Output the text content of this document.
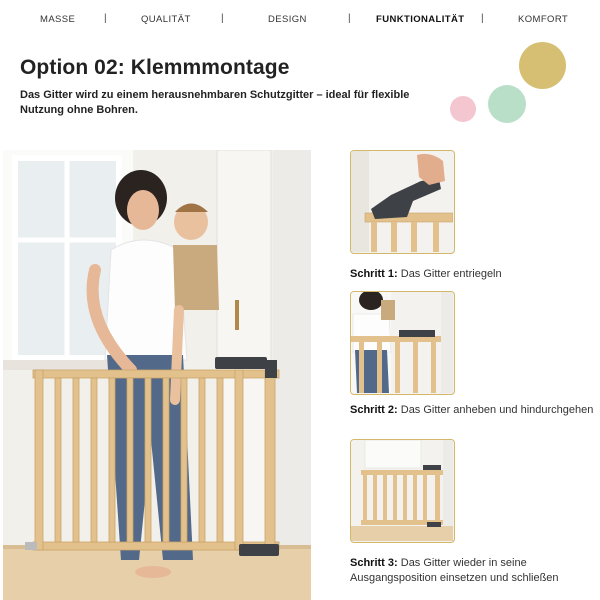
MASSE	|	QUALITÄT	|	DESIGN	|	FUNKTIONALITÄT |	KOMFORT
Option 02: Klemmmontage

Das Gitter wird zu einem herausnehmbaren Schutzgitter – ideal für flexible Nutzung ohne Bohren.

Schritt 1: Das Gitter entriegeln

Schritt 2: Das Gitter anheben und hindurchgehen

Schritt 3: Das Gitter wieder in seine Ausgangsposition einsetzen und schließen
